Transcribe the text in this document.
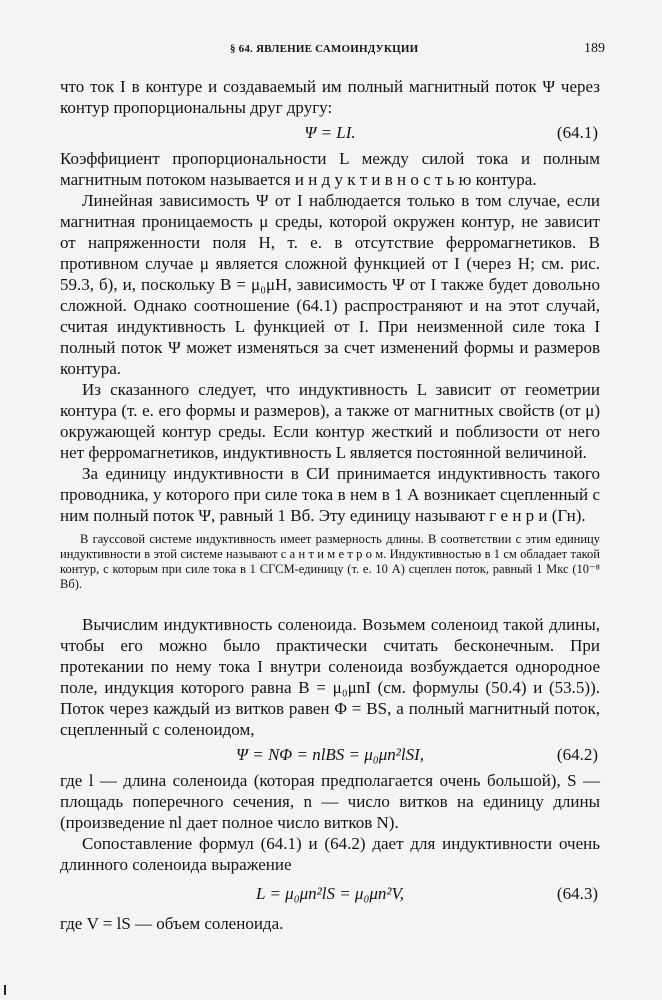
§ 64. ЯВЛЕНИЕ САМОИНДУКЦИИ	189

что ток I в контуре и создаваемый им полный магнитный поток Ψ через контур пропорциональны друг другу:

Ψ = LI.	(64.1)

Коэффициент пропорциональности L между силой тока и полным магнитным потоком называется и н д у к т и в н о с т ь ю контура.

Линейная зависимость Ψ от I наблюдается только в том случае, если магнитная проницаемость μ среды, которой окружен контур, не зависит от напряженности поля H, т. е. в отсутствие ферромагнетиков. В противном случае μ является сложной функцией от I (через H; см. рис. 59.3, б), и, поскольку B = μ₀μH, зависимость Ψ от I также будет довольно сложной. Однако соотношение (64.1) распространяют и на этот случай, считая индуктивность L функцией от I. При неизменной силе тока I полный поток Ψ может изменяться за счет изменений формы и размеров контура.

Из сказанного следует, что индуктивность L зависит от геометрии контура (т. е. его формы и размеров), а также от магнитных свойств (от μ) окружающей контур среды. Если контур жесткий и поблизости от него нет ферромагнетиков, индуктивность L является постоянной величиной.

За единицу индуктивности в СИ принимается индуктивность такого проводника, у которого при силе тока в нем в 1 А возникает сцепленный с ним полный поток Ψ, равный 1 Вб. Эту единицу называют г е н р и (Гн).

В гауссовой системе индуктивность имеет размерность длины. В соответствии с этим единицу индуктивности в этой системе называют с а н т и м е т р о м. Индуктивностью в 1 см обладает такой контур, с которым при силе тока в 1 СГСМ-единицу (т. е. 10 А) сцеплен поток, равный 1 Мкс (10⁻⁸ Вб).

Вычислим индуктивность соленоида. Возьмем соленоид такой длины, чтобы его можно было практически считать бесконечным. При протекании по нему тока I внутри соленоида возбуждается однородное поле, индукция которого равна B = μ₀μnI (см. формулы (50.4) и (53.5)). Поток через каждый из витков равен Φ = BS, а полный магнитный поток, сцепленный с соленоидом,

Ψ = NΦ = nlBS = μ₀μn²lSI,	(64.2)

где l — длина соленоида (которая предполагается очень большой), S — площадь поперечного сечения, n — число витков на единицу длины (произведение nl дает полное число витков N).

Сопоставление формул (64.1) и (64.2) дает для индуктивности очень длинного соленоида выражение

L = μ₀μn²lS = μ₀μn²V,	(64.3)

где V = lS — объем соленоида.
